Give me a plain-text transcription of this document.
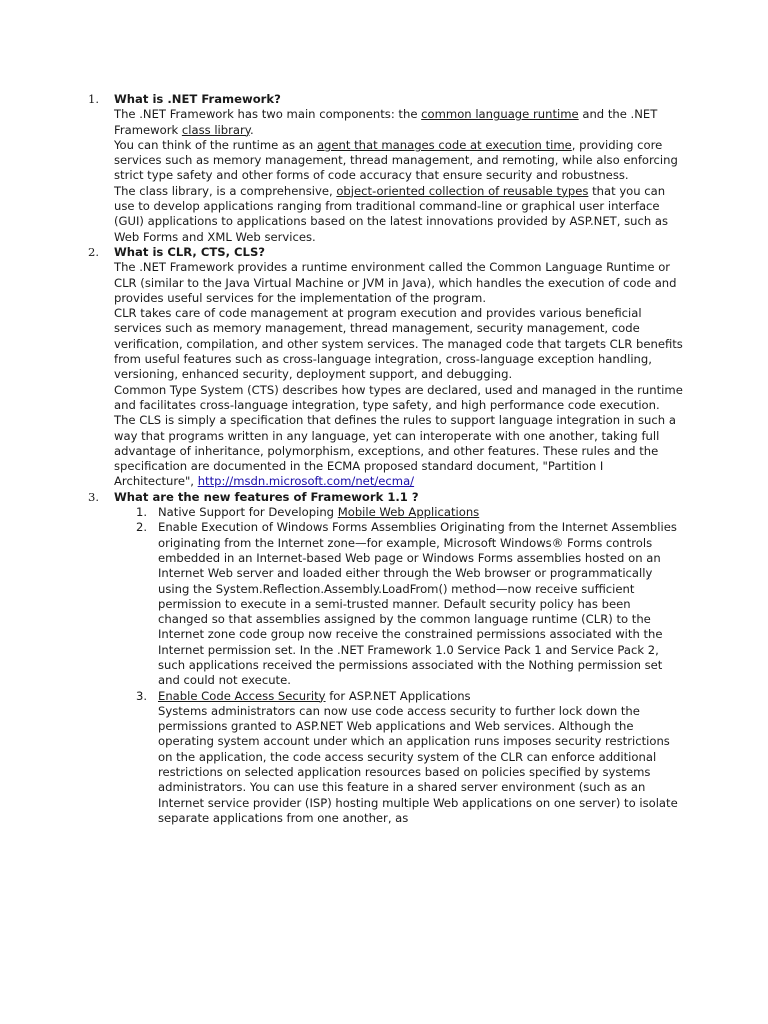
1. What is .NET Framework?
The .NET Framework has two main components: the common language runtime and the .NET Framework class library.
You can think of the runtime as an agent that manages code at execution time, providing core services such as memory management, thread management, and remoting, while also enforcing strict type safety and other forms of code accuracy that ensure security and robustness.
The class library, is a comprehensive, object-oriented collection of reusable types that you can use to develop applications ranging from traditional command-line or graphical user interface (GUI) applications to applications based on the latest innovations provided by ASP.NET, such as Web Forms and XML Web services.
2. What is CLR, CTS, CLS?
The .NET Framework provides a runtime environment called the Common Language Runtime or CLR (similar to the Java Virtual Machine or JVM in Java), which handles the execution of code and provides useful services for the implementation of the program.
CLR takes care of code management at program execution and provides various beneficial services such as memory management, thread management, security management, code verification, compilation, and other system services. The managed code that targets CLR benefits from useful features such as cross-language integration, cross-language exception handling, versioning, enhanced security, deployment support, and debugging.
Common Type System (CTS) describes how types are declared, used and managed in the runtime and facilitates cross-language integration, type safety, and high performance code execution.
The CLS is simply a specification that defines the rules to support language integration in such a way that programs written in any language, yet can interoperate with one another, taking full advantage of inheritance, polymorphism, exceptions, and other features. These rules and the specification are documented in the ECMA proposed standard document, "Partition I Architecture", http://msdn.microsoft.com/net/ecma/
3. What are the new features of Framework 1.1 ?
1. Native Support for Developing Mobile Web Applications
2. Enable Execution of Windows Forms Assemblies Originating from the Internet Assemblies originating from the Internet zone—for example, Microsoft Windows® Forms controls embedded in an Internet-based Web page or Windows Forms assemblies hosted on an Internet Web server and loaded either through the Web browser or programmatically using the System.Reflection.Assembly.LoadFrom() method—now receive sufficient permission to execute in a semi-trusted manner. Default security policy has been changed so that assemblies assigned by the common language runtime (CLR) to the Internet zone code group now receive the constrained permissions associated with the Internet permission set. In the .NET Framework 1.0 Service Pack 1 and Service Pack 2, such applications received the permissions associated with the Nothing permission set and could not execute.
3. Enable Code Access Security for ASP.NET Applications
Systems administrators can now use code access security to further lock down the permissions granted to ASP.NET Web applications and Web services. Although the operating system account under which an application runs imposes security restrictions on the application, the code access security system of the CLR can enforce additional restrictions on selected application resources based on policies specified by systems administrators. You can use this feature in a shared server environment (such as an Internet service provider (ISP) hosting multiple Web applications on one server) to isolate separate applications from one another, as
